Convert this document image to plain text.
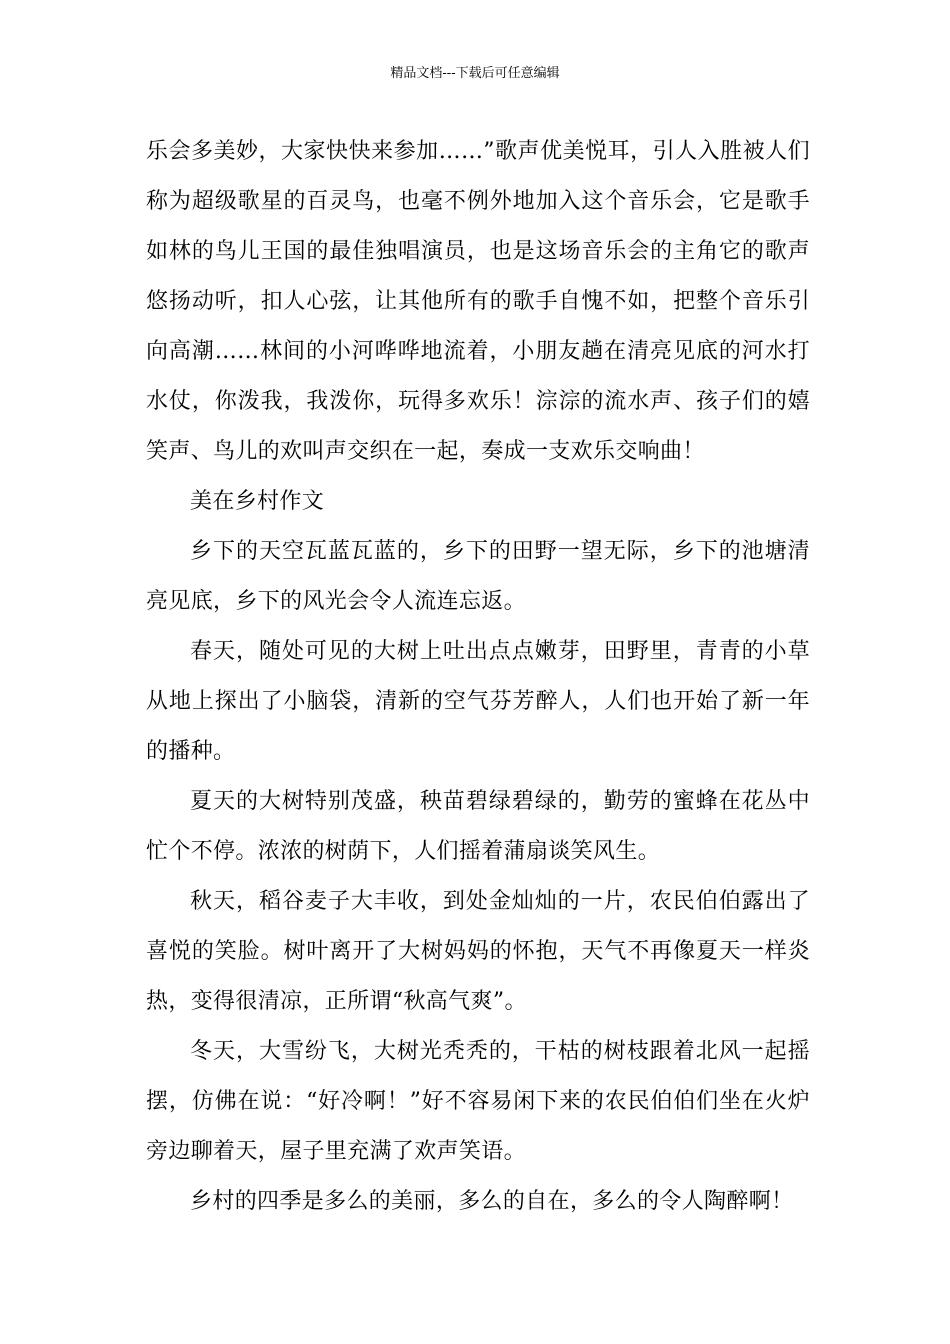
精品文档---下载后可任意编辑

乐会多美妙，大家快快来参加……”歌声优美悦耳，引人入胜被人们称为超级歌星的百灵鸟，也毫不例外地加入这个音乐会，它是歌手如林的鸟儿王国的最佳独唱演员，也是这场音乐会的主角它的歌声悠扬动听，扣人心弦，让其他所有的歌手自愧不如，把整个音乐引向高潮……林间的小河哗哗地流着，小朋友趟在清亮见底的河水打水仗，你泼我，我泼你，玩得多欢乐！淙淙的流水声、孩子们的嬉笑声、鸟儿的欢叫声交织在一起，奏成一支欢乐交响曲！

美在乡村作文

乡下的天空瓦蓝瓦蓝的，乡下的田野一望无际，乡下的池塘清亮见底，乡下的风光会令人流连忘返。

春天，随处可见的大树上吐出点点嫩芽，田野里，青青的小草从地上探出了小脑袋，清新的空气芬芳醉人，人们也开始了新一年的播种。

夏天的大树特别茂盛，秧苗碧绿碧绿的，勤劳的蜜蜂在花丛中忙个不停。浓浓的树荫下，人们摇着蒲扇谈笑风生。

秋天，稻谷麦子大丰收，到处金灿灿的一片，农民伯伯露出了喜悦的笑脸。树叶离开了大树妈妈的怀抱，天气不再像夏天一样炎热，变得很清凉，正所谓“秋高气爽”。

冬天，大雪纷飞，大树光秃秃的，干枯的树枝跟着北风一起摇摆，仿佛在说：“好冷啊！”好不容易闲下来的农民伯伯们坐在火炉旁边聊着天，屋子里充满了欢声笑语。

乡村的四季是多么的美丽，多么的自在，多么的令人陶醉啊！
